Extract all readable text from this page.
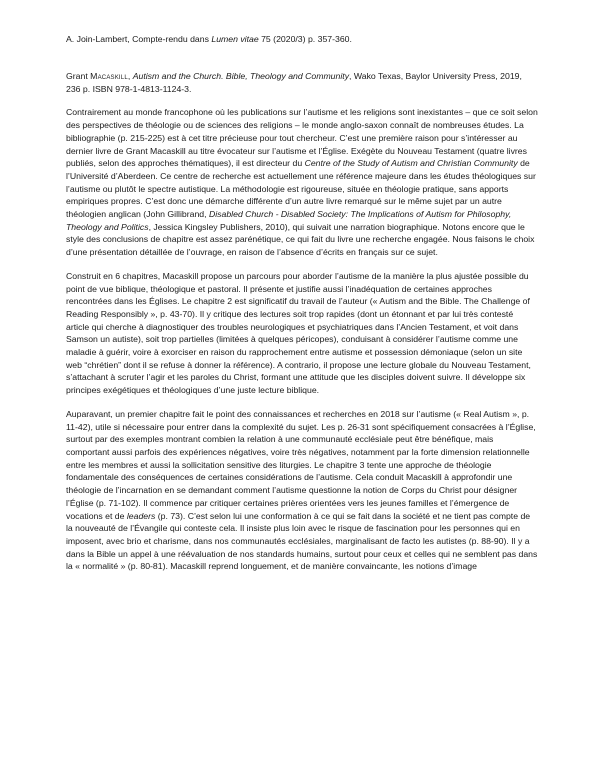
A. Join-Lambert, Compte-rendu dans Lumen vitae 75 (2020/3) p. 357-360.

Grant Macaskill, Autism and the Church. Bible, Theology and Community, Wako Texas, Baylor University Press, 2019, 236 p. ISBN 978-1-4813-1124-3.

Contrairement au monde francophone où les publications sur l’autisme et les religions sont inexistantes – que ce soit selon des perspectives de théologie ou de sciences des religions – le monde anglo-saxon connaît de nombreuses études. La bibliographie (p. 215-225) est à cet titre précieuse pour tout chercheur. C’est une première raison pour s’intéresser au dernier livre de Grant Macaskill au titre évocateur sur l’autisme et l’Église. Exégète du Nouveau Testament (quatre livres publiés, selon des approches thématiques), il est directeur du Centre of the Study of Autism and Christian Community de l’Université d’Aberdeen. Ce centre de recherche est actuellement une référence majeure dans les études théologiques sur l’autisme ou plutôt le spectre autistique. La méthodologie est rigoureuse, située en théologie pratique, sans apports empiriques propres. C’est donc une démarche différente d’un autre livre remarqué sur le même sujet par un autre théologien anglican (John Gillibrand, Disabled Church - Disabled Society: The Implications of Autism for Philosophy, Theology and Politics, Jessica Kingsley Publishers, 2010), qui suivait une narration biographique. Notons encore que le style des conclusions de chapitre est assez parénétique, ce qui fait du livre une recherche engagée. Nous faisons le choix d’une présentation détaillée de l’ouvrage, en raison de l’absence d’écrits en français sur ce sujet.

Construit en 6 chapitres, Macaskill propose un parcours pour aborder l’autisme de la manière la plus ajustée possible du point de vue biblique, théologique et pastoral. Il présente et justifie aussi l’inadéquation de certaines approches rencontrées dans les Églises. Le chapitre 2 est significatif du travail de l’auteur (« Autism and the Bible. The Challenge of Reading Responsibly », p. 43-70). Il y critique des lectures soit trop rapides (dont un étonnant et par lui très contesté article qui cherche à diagnostiquer des troubles neurologiques et psychiatriques dans l’Ancien Testament, et voit dans Samson un autiste), soit trop partielles (limitées à quelques péricopes), conduisant à considérer l’autisme comme une maladie à guérir, voire à exorciser en raison du rapprochement entre autisme et possession démoniaque (selon un site web “chrétien” dont il se refuse à donner la référence). A contrario, il propose une lecture globale du Nouveau Testament, s’attachant à scruter l’agir et les paroles du Christ, formant une attitude que les disciples doivent suivre. Il développe six principes exégétiques et théologiques d’une juste lecture biblique.

Auparavant, un premier chapitre fait le point des connaissances et recherches en 2018 sur l’autisme (« Real Autism », p. 11-42), utile si nécessaire pour entrer dans la complexité du sujet. Les p. 26-31 sont spécifiquement consacrées à l’Église, surtout par des exemples montrant combien la relation à une communauté ecclésiale peut être bénéfique, mais comportant aussi parfois des expériences négatives, voire très négatives, notamment par la forte dimension relationnelle entre les membres et aussi la sollicitation sensitive des liturgies. Le chapitre 3 tente une approche de théologie fondamentale des conséquences de certaines considérations de l’autisme. Cela conduit Macaskill à approfondir une théologie de l’incarnation en se demandant comment l’autisme questionne la notion de Corps du Christ pour désigner l’Église (p. 71-102). Il commence par critiquer certaines prières orientées vers les jeunes familles et l’émergence de vocations et de leaders (p. 73). C’est selon lui une conformation à ce qui se fait dans la société et ne tient pas compte de la nouveauté de l’Évangile qui conteste cela. Il insiste plus loin avec le risque de fascination pour les personnes qui en imposent, avec brio et charisme, dans nos communautés ecclésiales, marginalisant de facto les autistes (p. 88-90). Il y a dans la Bible un appel à une réévaluation de nos standards humains, surtout pour ceux et celles qui ne semblent pas dans la « normalité » (p. 80-81). Macaskill reprend longuement, et de manière convaincante, les notions d’image
